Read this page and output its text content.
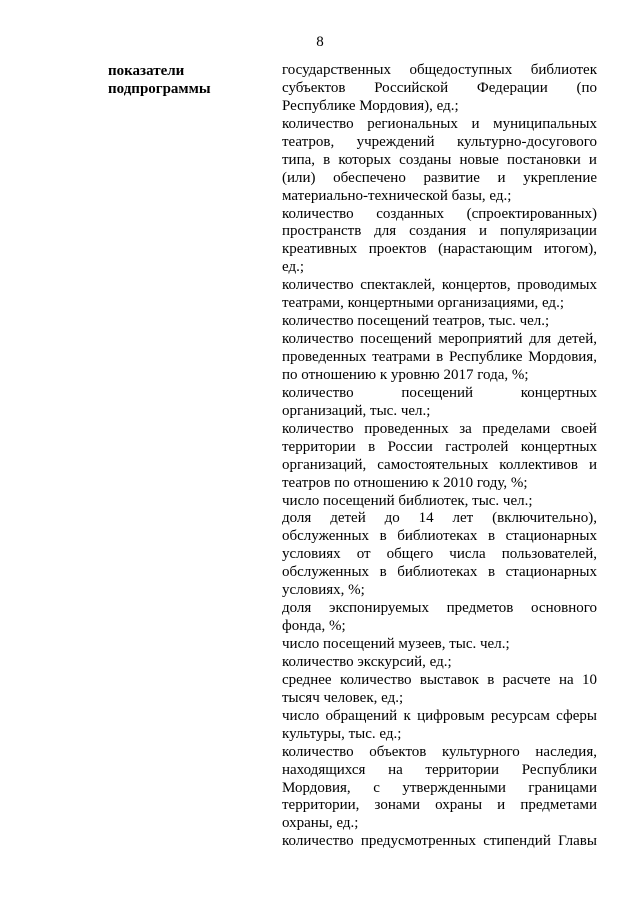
8
показатели
подпрограммы
государственных общедоступных библиотек
субъектов Российской Федерации (по
Республике Мордовия), ед.;
количество региональных и муниципальных
театров, учреждений культурно-досугового
типа, в которых созданы новые постановки и
(или) обеспечено развитие и укрепление
материально-технической базы, ед.;
количество созданных (спроектированных)
пространств для создания и популяризации
креативных проектов (нарастающим итогом),
ед.;
количество спектаклей, концертов, проводимых
театрами, концертными организациями, ед.;
количество посещений театров, тыс. чел.;
количество посещений мероприятий для детей,
проведенных театрами в Республике Мордовия,
по отношению к уровню 2017 года, %;
количество	посещений	концертных
организаций, тыс. чел.;
количество проведенных за пределами своей
территории в России гастролей концертных
организаций, самостоятельных коллективов и
театров по отношению к 2010 году, %;
число посещений библиотек, тыс. чел.;
доля детей до 14 лет (включительно),
обслуженных в библиотеках в стационарных
условиях от общего числа пользователей,
обслуженных в библиотеках в стационарных
условиях, %;
доля экспонируемых предметов основного
фонда, %;
число посещений музеев, тыс. чел.;
количество экскурсий, ед.;
среднее количество выставок в расчете на 10
тысяч человек, ед.;
число обращений к цифровым ресурсам сферы
культуры, тыс. ед.;
количество объектов культурного наследия,
находящихся на территории Республики
Мордовия, с утвержденными границами
территории, зонами охраны и предметами
охраны, ед.;
количество предусмотренных стипендий Главы
